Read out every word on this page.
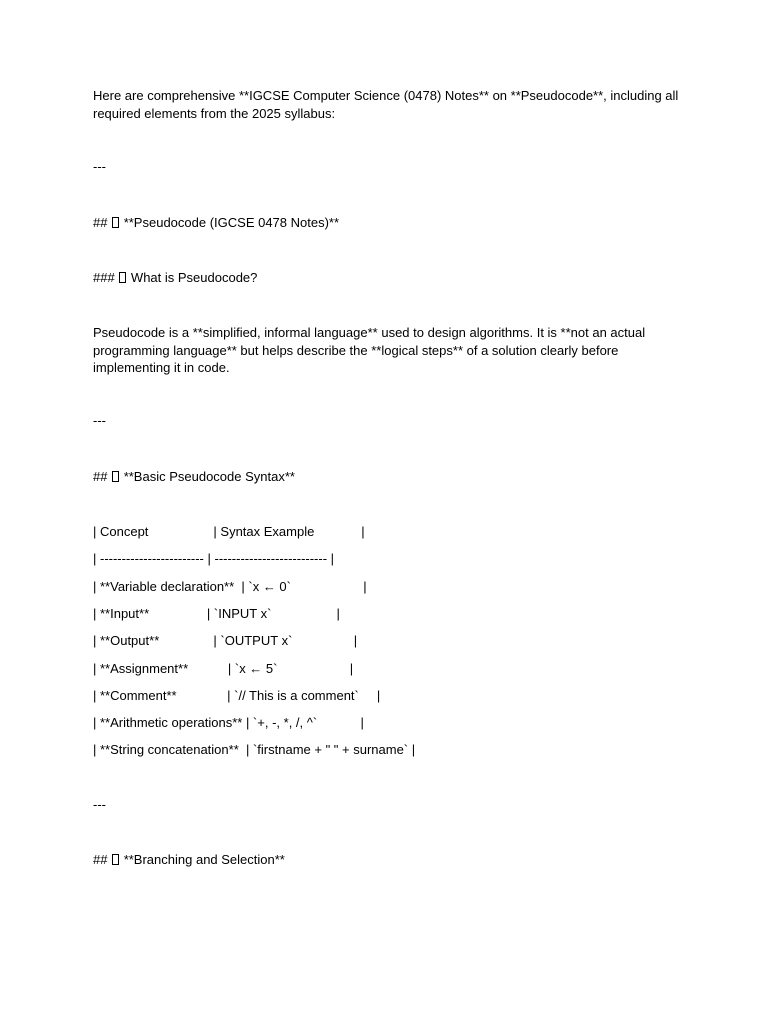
Here are comprehensive **IGCSE Computer Science (0478) Notes** on **Pseudocode**, including all required elements from the 2025 syllabus:
---
##  **Pseudocode (IGCSE 0478 Notes)**
###  What is Pseudocode?
Pseudocode is a **simplified, informal language** used to design algorithms. It is **not an actual programming language** but helps describe the **logical steps** of a solution clearly before implementing it in code.
---
##  **Basic Pseudocode Syntax**
| Concept                  | Syntax Example             |
| ------------------------ | -------------------------- |
| **Variable declaration**  | `x ← 0`                    |
| **Input**                | `INPUT x`                  |
| **Output**               | `OUTPUT x`                 |
| **Assignment**           | `x ← 5`                    |
| **Comment**              | `// This is a comment`     |
| **Arithmetic operations** | `+, -, *, /, ^`            |
| **String concatenation**  | `firstname + " " + surname` |
---
##  **Branching and Selection**
